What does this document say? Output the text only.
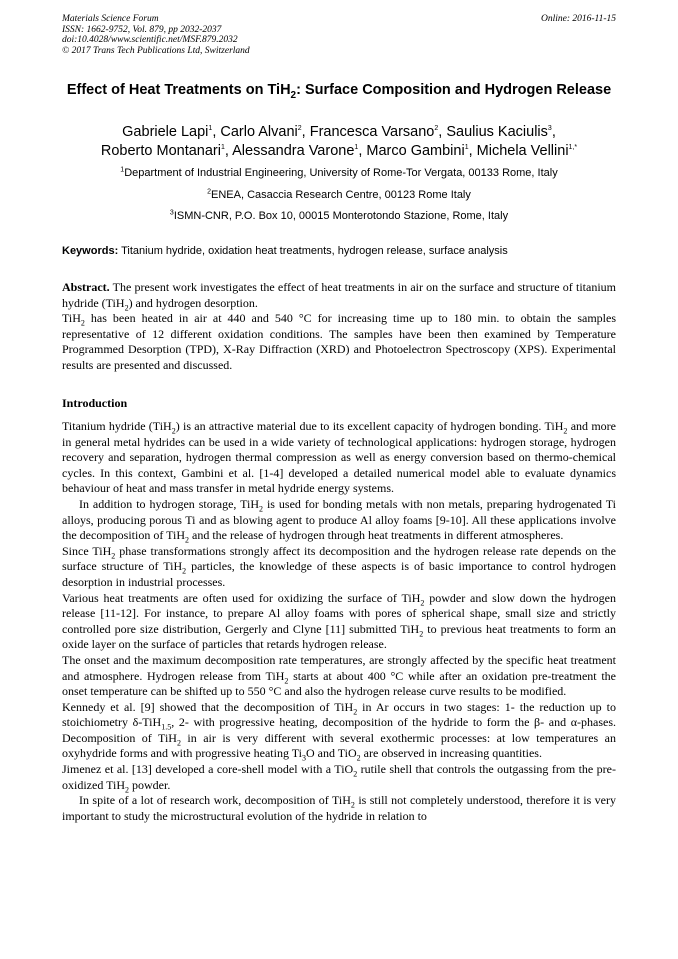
Materials Science Forum
ISSN: 1662-9752, Vol. 879, pp 2032-2037
doi:10.4028/www.scientific.net/MSF.879.2032
© 2017 Trans Tech Publications Ltd, Switzerland
Online: 2016-11-15
Effect of Heat Treatments on TiH$_2$: Surface Composition and Hydrogen Release
Gabriele Lapi$^1$, Carlo Alvani$^2$, Francesca Varsano$^2$, Saulius Kaciulis$^3$,
Roberto Montanari$^1$, Alessandra Varone$^1$, Marco Gambini$^1$, Michela Vellini$^{1,*}$
$^1$Department of Industrial Engineering, University of Rome-Tor Vergata, 00133 Rome, Italy
$^2$ENEA, Casaccia Research Centre, 00123 Rome Italy
$^3$ISMN-CNR, P.O. Box 10, 00015 Monterotondo Stazione, Rome, Italy
Keywords: Titanium hydride, oxidation heat treatments, hydrogen release, surface analysis

Abstract. The present work investigates the effect of heat treatments in air on the surface and structure of titanium hydride (TiH$_2$) and hydrogen desorption.

TiH$_2$ has been heated in air at 440 and 540 °C for increasing time up to 180 min. to obtain the samples representative of 12 different oxidation conditions. The samples have been then examined by Temperature Programmed Desorption (TPD), X-Ray Diffraction (XRD) and Photoelectron Spectroscopy (XPS). Experimental results are presented and discussed.

Introduction

Titanium hydride (TiH$_2$) is an attractive material due to its excellent capacity of hydrogen bonding. TiH$_2$ and more in general metal hydrides can be used in a wide variety of technological applications: hydrogen storage, hydrogen recovery and separation, hydrogen thermal compression as well as energy conversion based on thermo-chemical cycles. In this context, Gambini et al. [1-4] developed a detailed numerical model able to evaluate dynamics behaviour of heat and mass transfer in metal hydride energy systems.

In addition to hydrogen storage, TiH$_2$ is used for bonding metals with non metals, preparing hydrogenated Ti alloys, producing porous Ti and as blowing agent to produce Al alloy foams [9-10]. All these applications involve the decomposition of TiH$_2$ and the release of hydrogen through heat treatments in different atmospheres.

Since TiH$_2$ phase transformations strongly affect its decomposition and the hydrogen release rate depends on the surface structure of TiH$_2$ particles, the knowledge of these aspects is of basic importance to control hydrogen desorption in industrial processes.

Various heat treatments are often used for oxidizing the surface of TiH$_2$ powder and slow down the hydrogen release [11-12]. For instance, to prepare Al alloy foams with pores of spherical shape, small size and strictly controlled pore size distribution, Gergerly and Clyne [11] submitted TiH$_2$ to previous heat treatments to form an oxide layer on the surface of particles that retards hydrogen release.

The onset and the maximum decomposition rate temperatures, are strongly affected by the specific heat treatment and atmosphere. Hydrogen release from TiH$_2$ starts at about 400 °C while after an oxidation pre-treatment the onset temperature can be shifted up to 550 °C and also the hydrogen release curve results to be modified.

Kennedy et al. [9] showed that the decomposition of TiH$_2$ in Ar occurs in two stages: 1- the reduction up to stoichiometry δ-TiH$_{1.5}$, 2- with progressive heating, decomposition of the hydride to form the β- and α-phases. Decomposition of TiH$_2$ in air is very different with several exothermic processes: at low temperatures an oxyhydride forms and with progressive heating $Ti_3O$ and TiO$_2$ are observed in increasing quantities.

Jimenez et al. [13] developed a core-shell model with a TiO$_2$ rutile shell that controls the outgassing from the pre-oxidized TiH$_2$ powder.

In spite of a lot of research work, decomposition of TiH$_2$ is still not completely understood, therefore it is very important to study the microstructural evolution of the hydride in relation to
